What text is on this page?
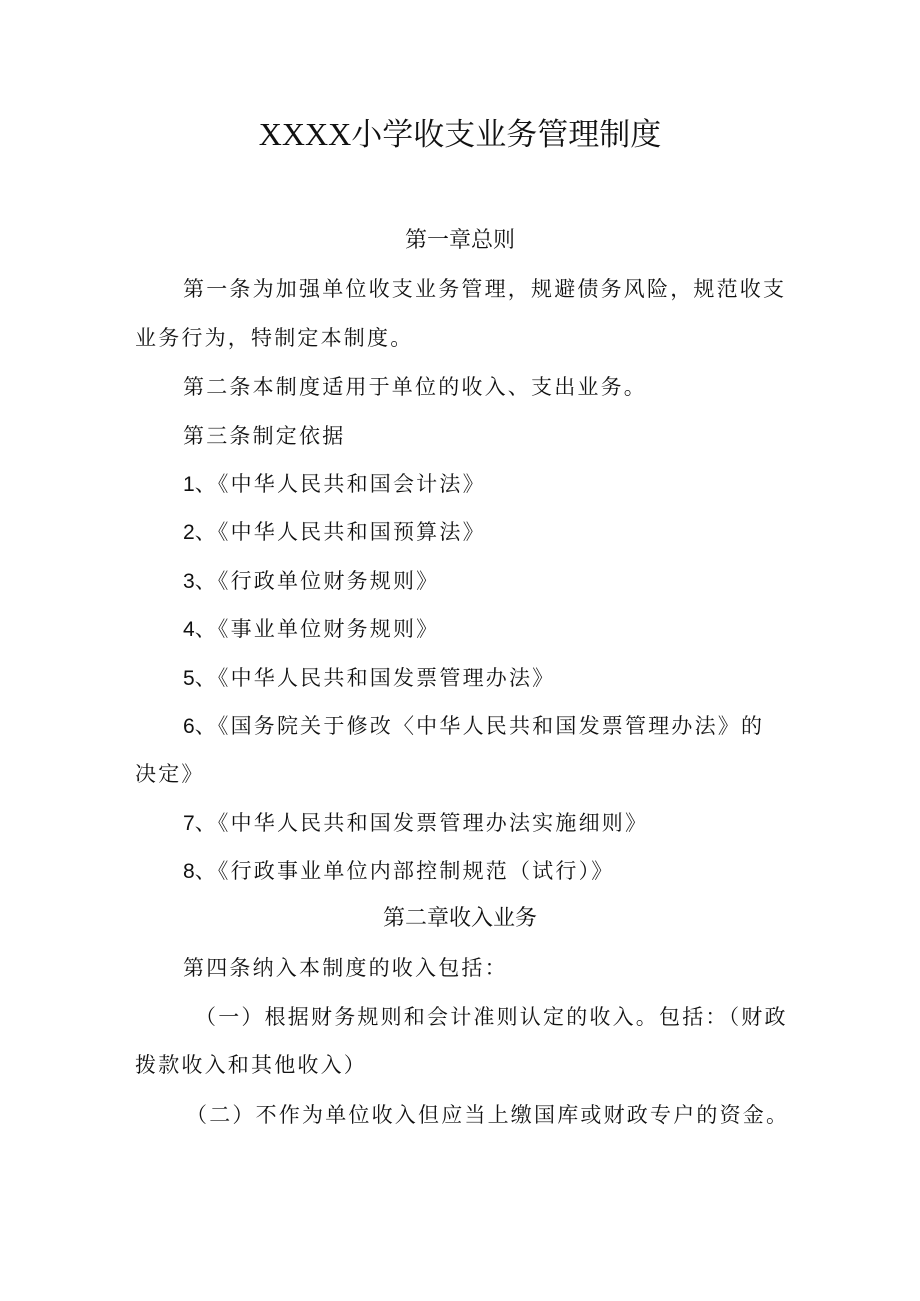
XXXX小学收支业务管理制度
第一章总则
第一条为加强单位收支业务管理，规避债务风险，规范收支
业务行为，特制定本制度。
第二条本制度适用于单位的收入、支出业务。
第三条制定依据
1 、《中华人民共和国会计法》
2 、《中华人民共和国预算法》
3 、《行政单位财务规则》
4 、《事业单位财务规则》
5 、《中华人民共和国发票管理办法》
6 、《国务院关于修改〈中华人民共和国发票管理办法》的
决定》
7 、《中华人民共和国发票管理办法实施细则》
8 、《行政事业单位内部控制规范（试行）》
第二章收入业务
第四条纳入本制度的收入包括：
（一）根据财务规则和会计准则认定的收入。包括：（财政
拨款收入和其他收入）
（二）不作为单位收入但应当上缴国库或财政专户的资金。
